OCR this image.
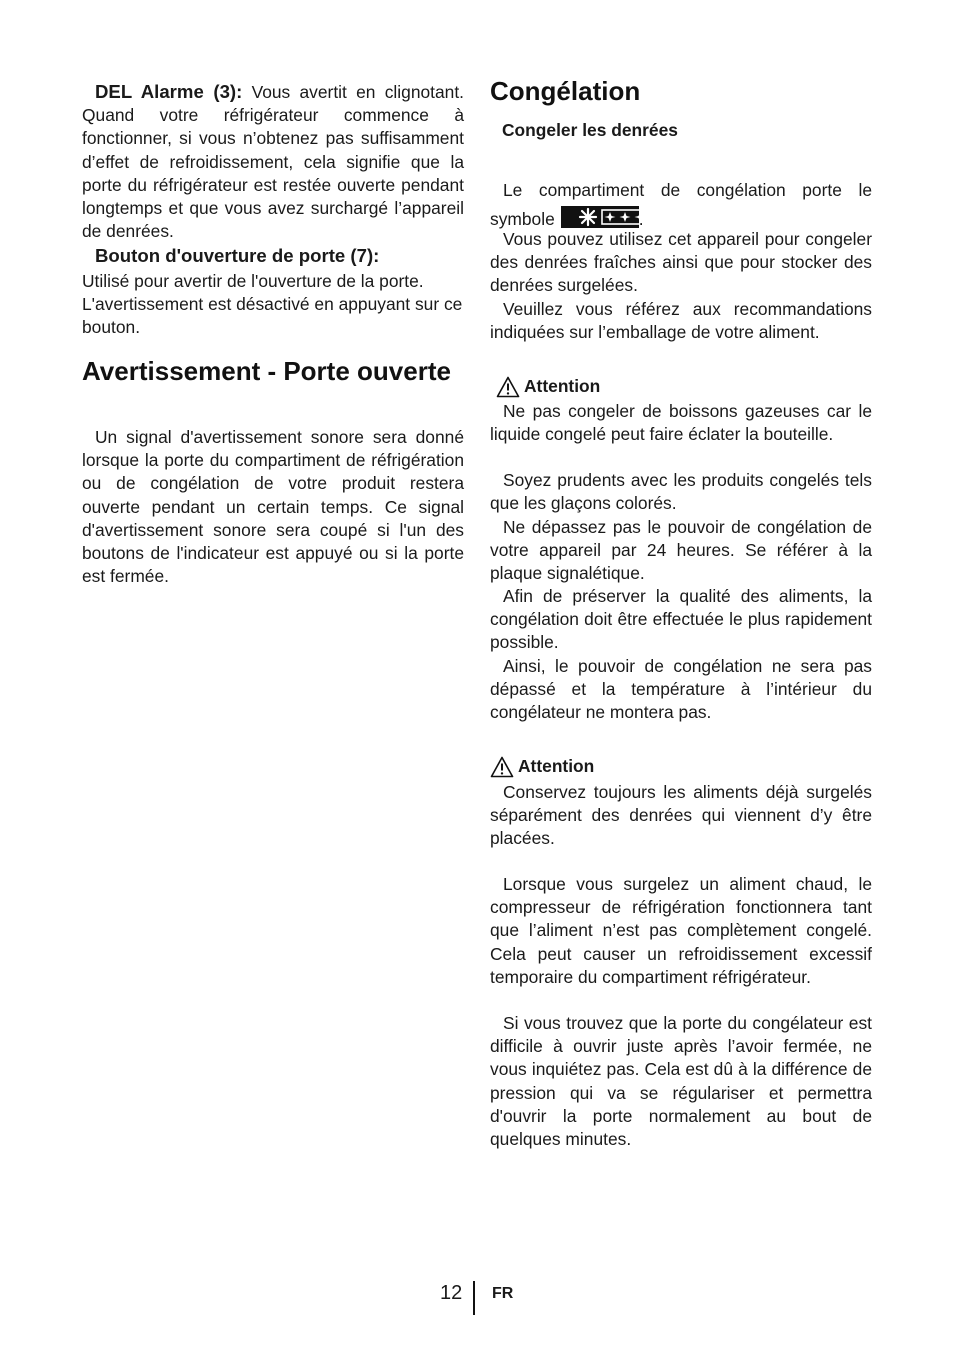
DEL Alarme (3): Vous avertit en clignotant. Quand votre réfrigérateur commence à fonctionner, si vous n’obtenez pas suffisamment d’effet de refroidissement, cela signifie que la porte du réfrigérateur est restée ouverte pendant longtemps et que vous avez surchargé l’appareil de denrées.

Bouton d'ouverture de porte (7):

Utilisé pour avertir de l'ouverture de la porte. L'avertissement est désactivé en appuyant sur ce bouton.

Avertissement - Porte ouverte

Un signal d'avertissement sonore sera donné lorsque la porte du compartiment de réfrigération ou de congélation de votre produit restera ouverte pendant un certain temps. Ce signal d'avertissement sonore sera coupé si l'un des boutons de l'indicateur est appuyé ou si la porte est fermée.

Congélation
Congeler les denrées

Le compartiment de congélation porte le symbole	.

Vous pouvez utilisez cet appareil pour congeler des denrées fraîches ainsi que pour stocker des denrées surgelées.

Veuillez vous référez aux recommandations indiquées sur l’emballage de votre aliment.

Attention

Ne pas congeler de boissons gazeuses car le liquide congelé peut faire éclater la bouteille.

Soyez prudents avec les produits congelés tels que les glaçons colorés.

Ne dépassez pas le pouvoir de congélation de votre appareil par 24 heures. Se référer à la plaque signalétique.

Afin de préserver la qualité des aliments, la congélation doit être effectuée le plus rapidement possible.

Ainsi, le pouvoir de congélation ne sera pas dépassé et la température à l’intérieur du congélateur ne montera pas.

Attention

Conservez toujours les aliments déjà surgelés séparément des denrées qui viennent d’y être placées.

Lorsque vous surgelez un aliment chaud, le compresseur de réfrigération fonctionnera tant que l’aliment n’est pas complètement congelé. Cela peut causer un refroidissement excessif temporaire du compartiment réfrigérateur.

Si vous trouvez que la porte du congélateur est difficile à ouvrir juste après l’avoir fermée, ne vous inquiétez pas. Cela est dû à la différence de pression qui va se régulariser et permettra d'ouvrir la porte normalement au bout de quelques minutes.

12 FR
